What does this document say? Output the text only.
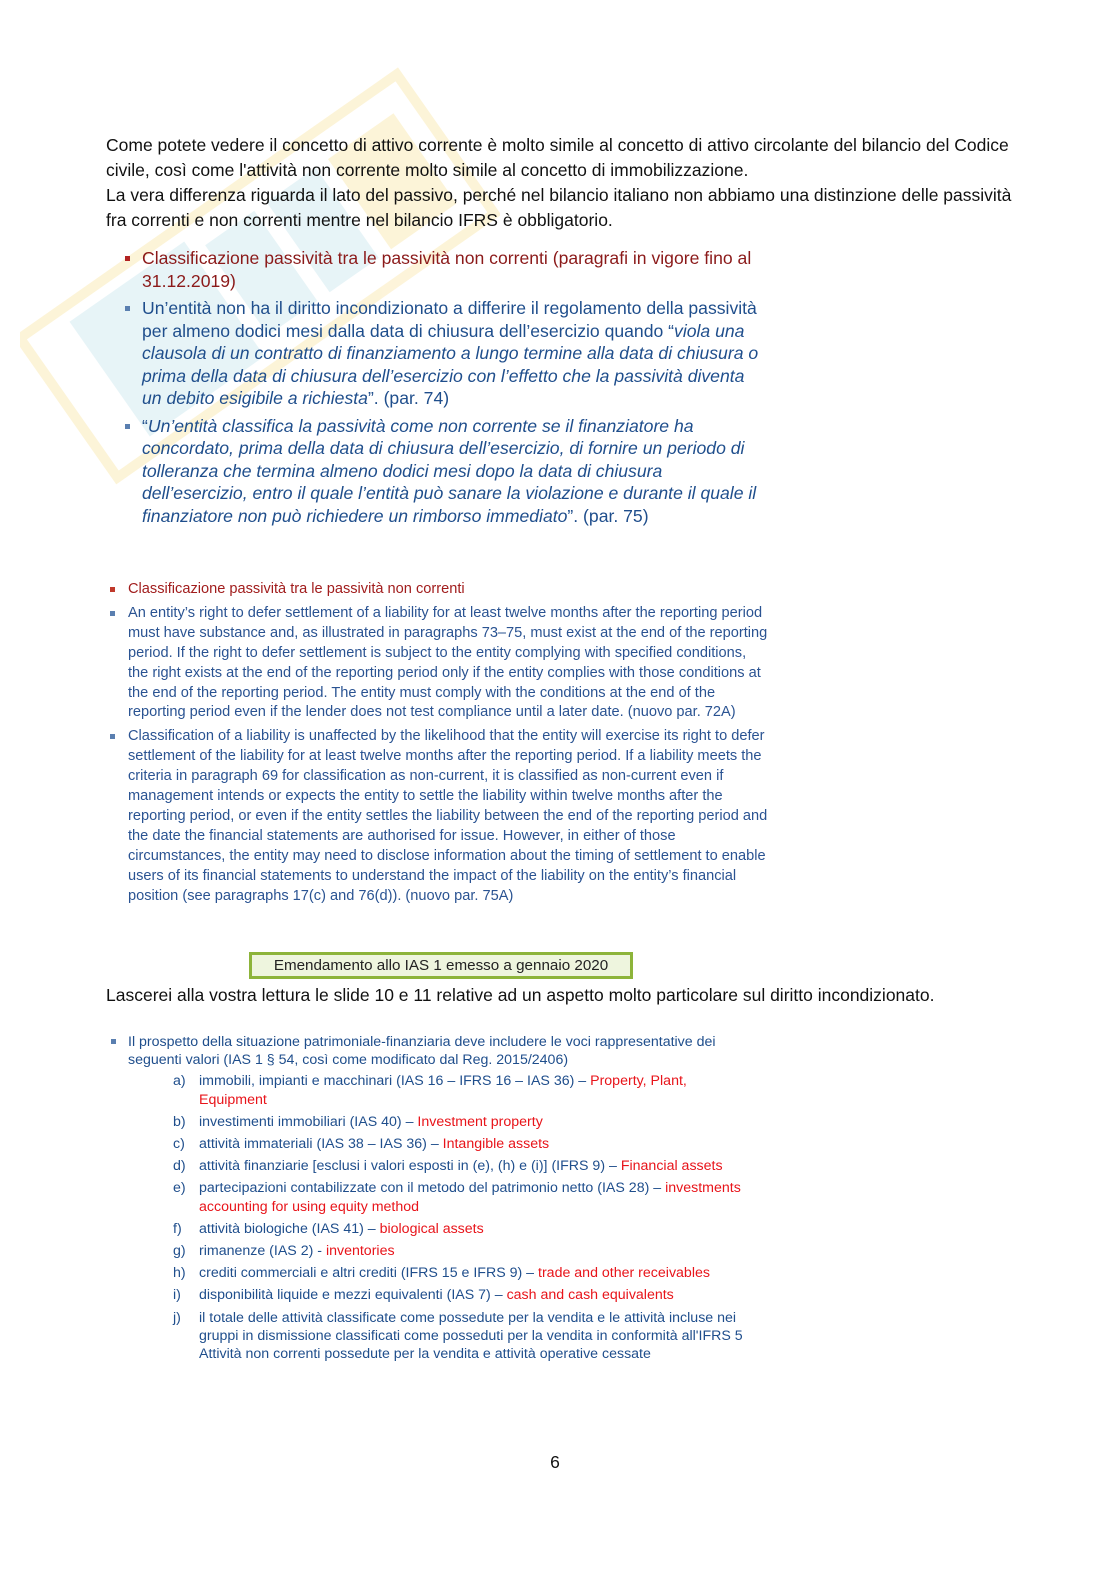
Come potete vedere il concetto di attivo corrente è molto simile al concetto di attivo circolante del bilancio del Codice civile, così come l'attività non corrente molto simile al concetto di immobilizzazione.

La vera differenza riguarda il lato del passivo, perché nel bilancio italiano non abbiamo una distinzione delle passività fra correnti e non correnti mentre nel bilancio IFRS è obbligatorio.

Classificazione passività tra le passività non correnti (paragrafi in vigore fino al 31.12.2019)
Un’entità non ha il diritto incondizionato a differire il regolamento della passività per almeno dodici mesi dalla data di chiusura dell’esercizio quando “viola una clausola di un contratto di finanziamento a lungo termine alla data di chiusura o prima della data di chiusura dell’esercizio con l’effetto che la passività diventa un debito esigibile a richiesta”. (par. 74)
“Un’entità classifica la passività come non corrente se il finanziatore ha concordato, prima della data di chiusura dell’esercizio, di fornire un periodo di tolleranza che termina almeno dodici mesi dopo la data di chiusura dell’esercizio, entro il quale l’entità può sanare la violazione e durante il quale il finanziatore non può richiedere un rimborso immediato”. (par. 75)
Classificazione passività tra le passività non correnti
An entity’s right to defer settlement of a liability for at least twelve months after the reporting period must have substance and, as illustrated in paragraphs 73–75, must exist at the end of the reporting period. If the right to defer settlement is subject to the entity complying with specified conditions, the right exists at the end of the reporting period only if the entity complies with those conditions at the end of the reporting period. The entity must comply with the conditions at the end of the reporting period even if the lender does not test compliance until a later date. (nuovo par. 72A)
Classification of a liability is unaffected by the likelihood that the entity will exercise its right to defer settlement of the liability for at least twelve months after the reporting period. If a liability meets the criteria in paragraph 69 for classification as non-current, it is classified as non-current even if management intends or expects the entity to settle the liability within twelve months after the reporting period, or even if the entity settles the liability between the end of the reporting period and the date the financial statements are authorised for issue. However, in either of those circumstances, the entity may need to disclose information about the timing of settlement to enable users of its financial statements to understand the impact of the liability on the entity’s financial position (see paragraphs 17(c) and 76(d)). (nuovo par. 75A)
Emendamento allo IAS 1 emesso a gennaio 2020

Lascerei alla vostra lettura le slide 10 e 11 relative ad un aspetto molto particolare sul diritto incondizionato.

Il prospetto della situazione patrimoniale-finanziaria deve includere le voci rappresentative dei seguenti valori (IAS 1 § 54, così come modificato dal Reg. 2015/2406)
a) immobili, impianti e macchinari (IAS 16 – IFRS 16 – IAS 36) – Property, Plant, Equipment
b) investimenti immobiliari (IAS 40) – Investment property
c) attività immateriali (IAS 38 – IAS 36) – Intangible assets
d) attività finanziarie [esclusi i valori esposti in (e), (h) e (i)] (IFRS 9) – Financial assets
e) partecipazioni contabilizzate con il metodo del patrimonio netto (IAS 28) – investments accounting for using equity method
f) attività biologiche (IAS 41) – biological assets
g) rimanenze (IAS 2) - inventories
h) crediti commerciali e altri crediti (IFRS 15 e IFRS 9) – trade and other receivables
i) disponibilità liquide e mezzi equivalenti (IAS 7) – cash and cash equivalents
j) il totale delle attività classificate come possedute per la vendita e le attività incluse nei gruppi in dismissione classificati come posseduti per la vendita in conformità all'IFRS 5 Attività non correnti possedute per la vendita e attività operative cessate
6
